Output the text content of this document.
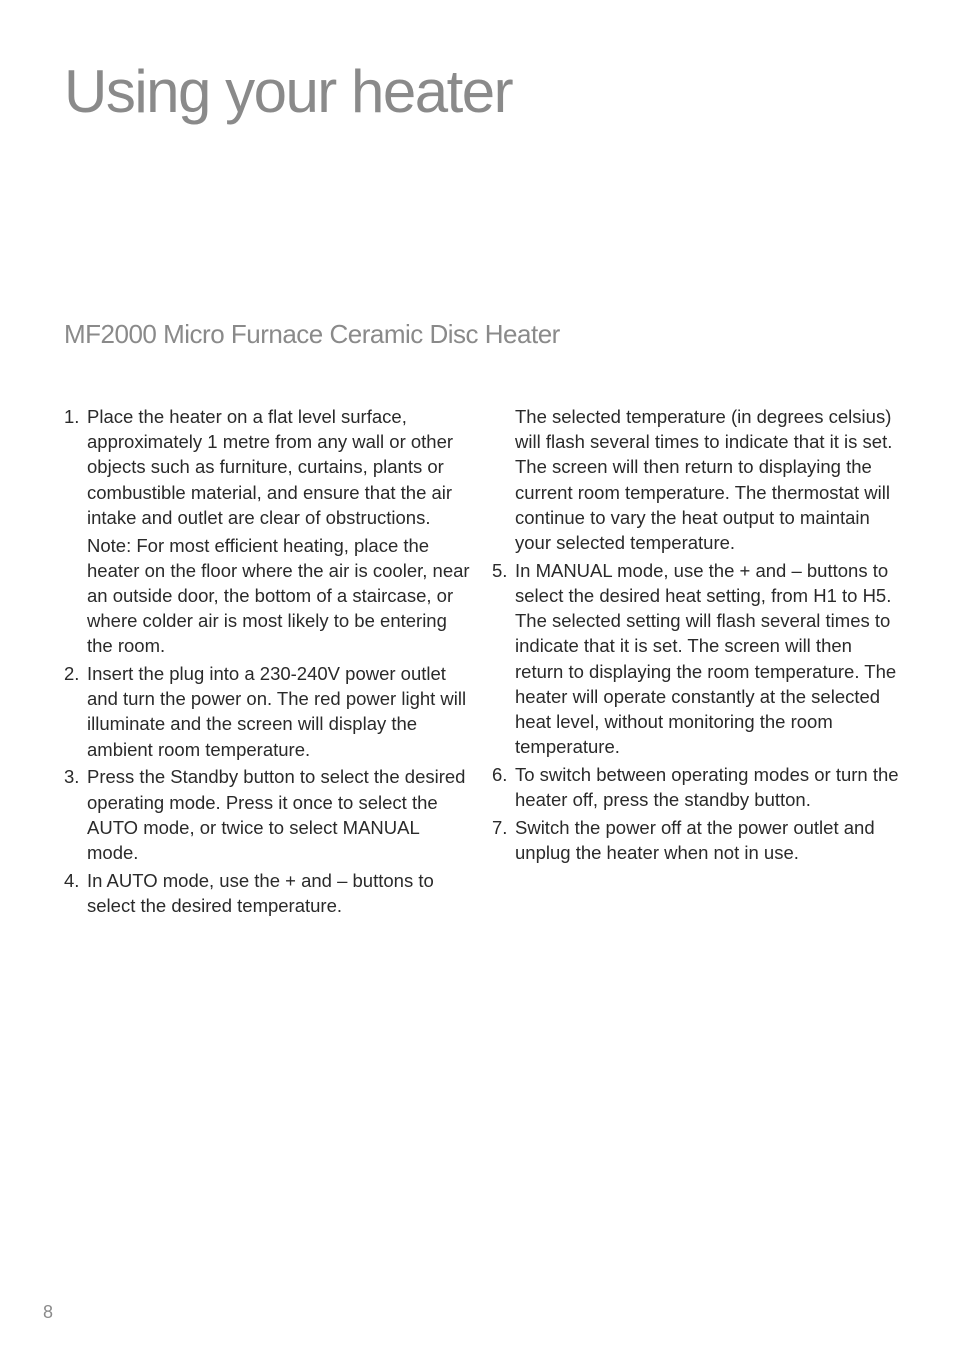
Using your heater
MF2000 Micro Furnace Ceramic Disc Heater
1. Place the heater on a flat level surface, approximately 1 metre from any wall or other objects such as furniture, curtains, plants or combustible material, and ensure that the air intake and outlet are clear of obstructions.

Note: For most efficient heating, place the heater on the floor where the air is cooler, near an outside door, the bottom of a staircase, or where colder air is most likely to be entering the room.

2. Insert the plug into a 230-240V power outlet and turn the power on. The red power light will illuminate and the screen will display the ambient room temperature.

3. Press the Standby button to select the desired operating mode. Press it once to select the AUTO mode, or twice to select MANUAL mode.

4. In AUTO mode, use the + and – buttons to select the desired temperature.

The selected temperature (in degrees celsius) will flash several times to indicate that it is set. The screen will then return to displaying the current room temperature. The thermostat will continue to vary the heat output to maintain your selected temperature.

5. In MANUAL mode, use the + and – buttons to select the desired heat setting, from H1 to H5. The selected setting will flash several times to indicate that it is set. The screen will then return to displaying the room temperature. The heater will operate constantly at the selected heat level, without monitoring the room temperature.

6. To switch between operating modes or turn the heater off, press the standby button.

7. Switch the power off at the power outlet and unplug the heater when not in use.

8
